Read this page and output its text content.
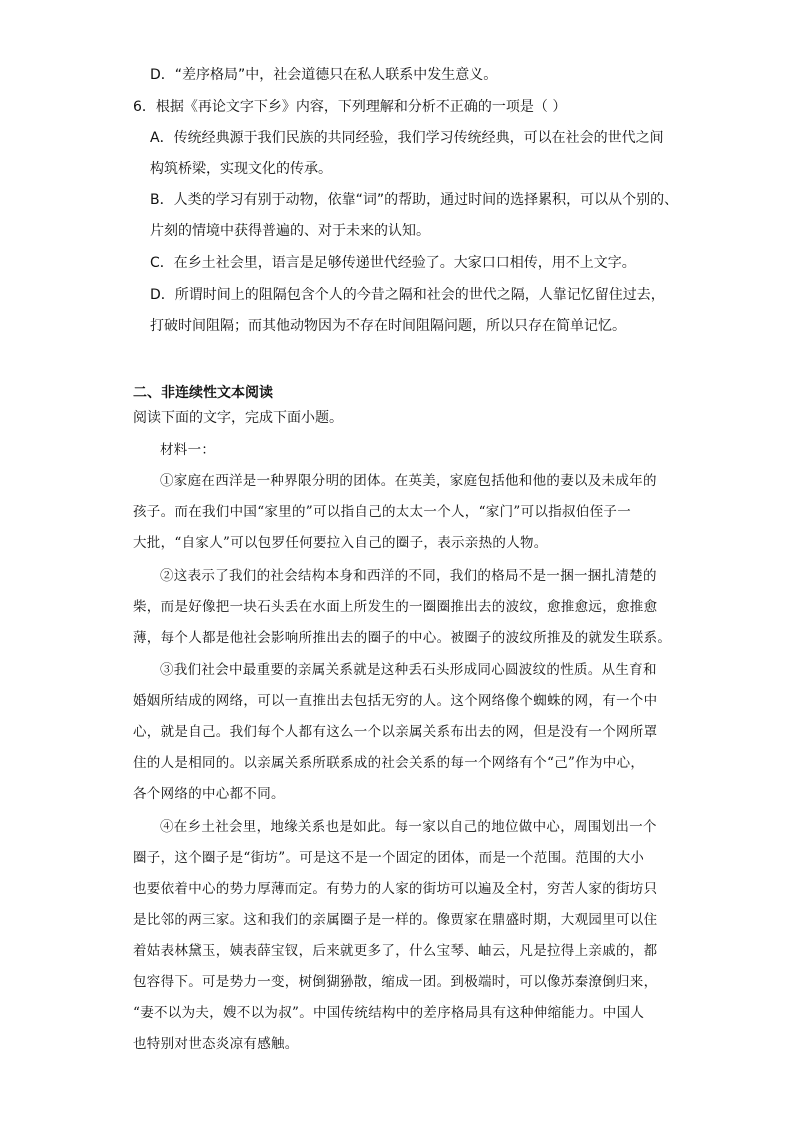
D．“差序格局”中，社会道德只在私人联系中发生意义。
6．根据《再论文字下乡》内容，下列理解和分析不正确的一项是（ ）
A．传统经典源于我们民族的共同经验，我们学习传统经典，可以在社会的世代之间
构筑桥梁，实现文化的传承。
B．人类的学习有别于动物，依靠“词”的帮助，通过时间的选择累积，可以从个别的、
片刻的情境中获得普遍的、对于未来的认知。
C．在乡土社会里，语言是足够传递世代经验了。大家口口相传，用不上文字。
D．所谓时间上的阻隔包含个人的今昔之隔和社会的世代之隔，人靠记忆留住过去，
打破时间阻隔；而其他动物因为不存在时间阻隔问题，所以只存在简单记忆。
二、非连续性文本阅读
阅读下面的文字，完成下面小题。
材料一：
①家庭在西洋是一种界限分明的团体。在英美，家庭包括他和他的妻以及未成年的
孩子。而在我们中国“家里的”可以指自己的太太一个人，“家门”可以指叔伯侄子一
大批，“自家人”可以包罗任何要拉入自己的圈子，表示亲热的人物。
②这表示了我们的社会结构本身和西洋的不同，我们的格局不是一捆一捆扎清楚的
柴，而是好像把一块石头丢在水面上所发生的一圈圈推出去的波纹，愈推愈远，愈推愈
薄，每个人都是他社会影响所推出去的圈子的中心。被圈子的波纹所推及的就发生联系。
③我们社会中最重要的亲属关系就是这种丢石头形成同心圆波纹的性质。从生育和
婚姻所结成的网络，可以一直推出去包括无穷的人。这个网络像个蜘蛛的网，有一个中
心，就是自己。我们每个人都有这么一个以亲属关系布出去的网，但是没有一个网所罩
住的人是相同的。以亲属关系所联系成的社会关系的每一个网络有个“己”作为中心，
各个网络的中心都不同。
④在乡土社会里，地缘关系也是如此。每一家以自己的地位做中心，周围划出一个
圈子，这个圈子是“街坊”。可是这不是一个固定的团体，而是一个范围。范围的大小
也要依着中心的势力厚薄而定。有势力的人家的街坊可以遍及全村，穷苦人家的街坊只
是比邻的两三家。这和我们的亲属圈子是一样的。像贾家在鼎盛时期，大观园里可以住
着姑表林黛玉，姨表薛宝钗，后来就更多了，什么宝琴、岫云，凡是拉得上亲戚的，都
包容得下。可是势力一变，树倒猢狲散，缩成一团。到极端时，可以像苏秦潦倒归来，
“妻不以为夫，嫂不以为叔”。中国传统结构中的差序格局具有这种伸缩能力。中国人
也特别对世态炎凉有感触。
